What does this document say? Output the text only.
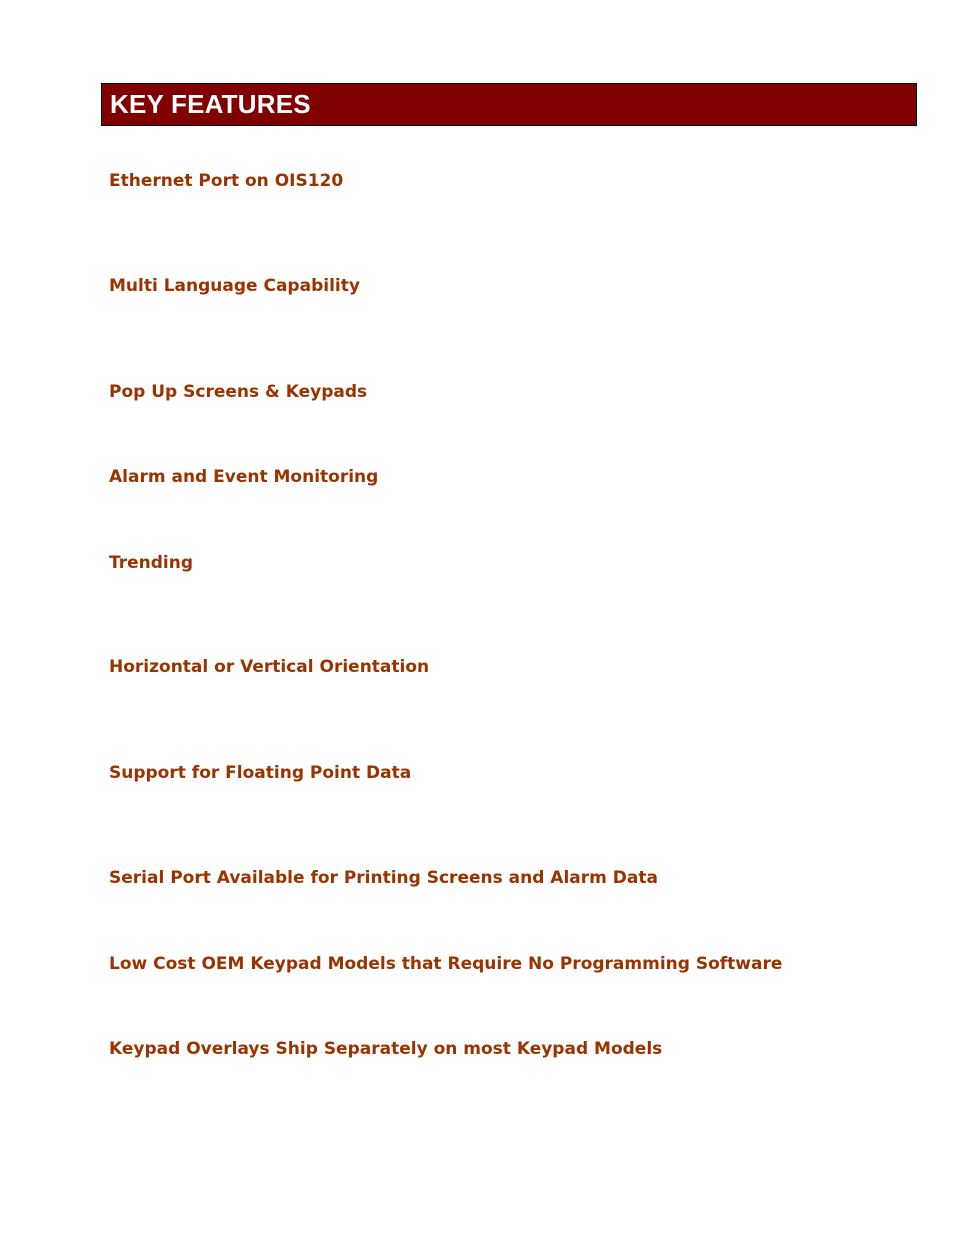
KEY FEATURES
Ethernet Port on OIS120
Multi Language Capability
Pop Up Screens & Keypads
Alarm and Event Monitoring
Trending
Horizontal or Vertical Orientation
Support for Floating Point Data
Serial Port Available for Printing Screens and Alarm Data
Low Cost OEM Keypad Models that Require No Programming Software
Keypad Overlays Ship Separately on most Keypad Models
